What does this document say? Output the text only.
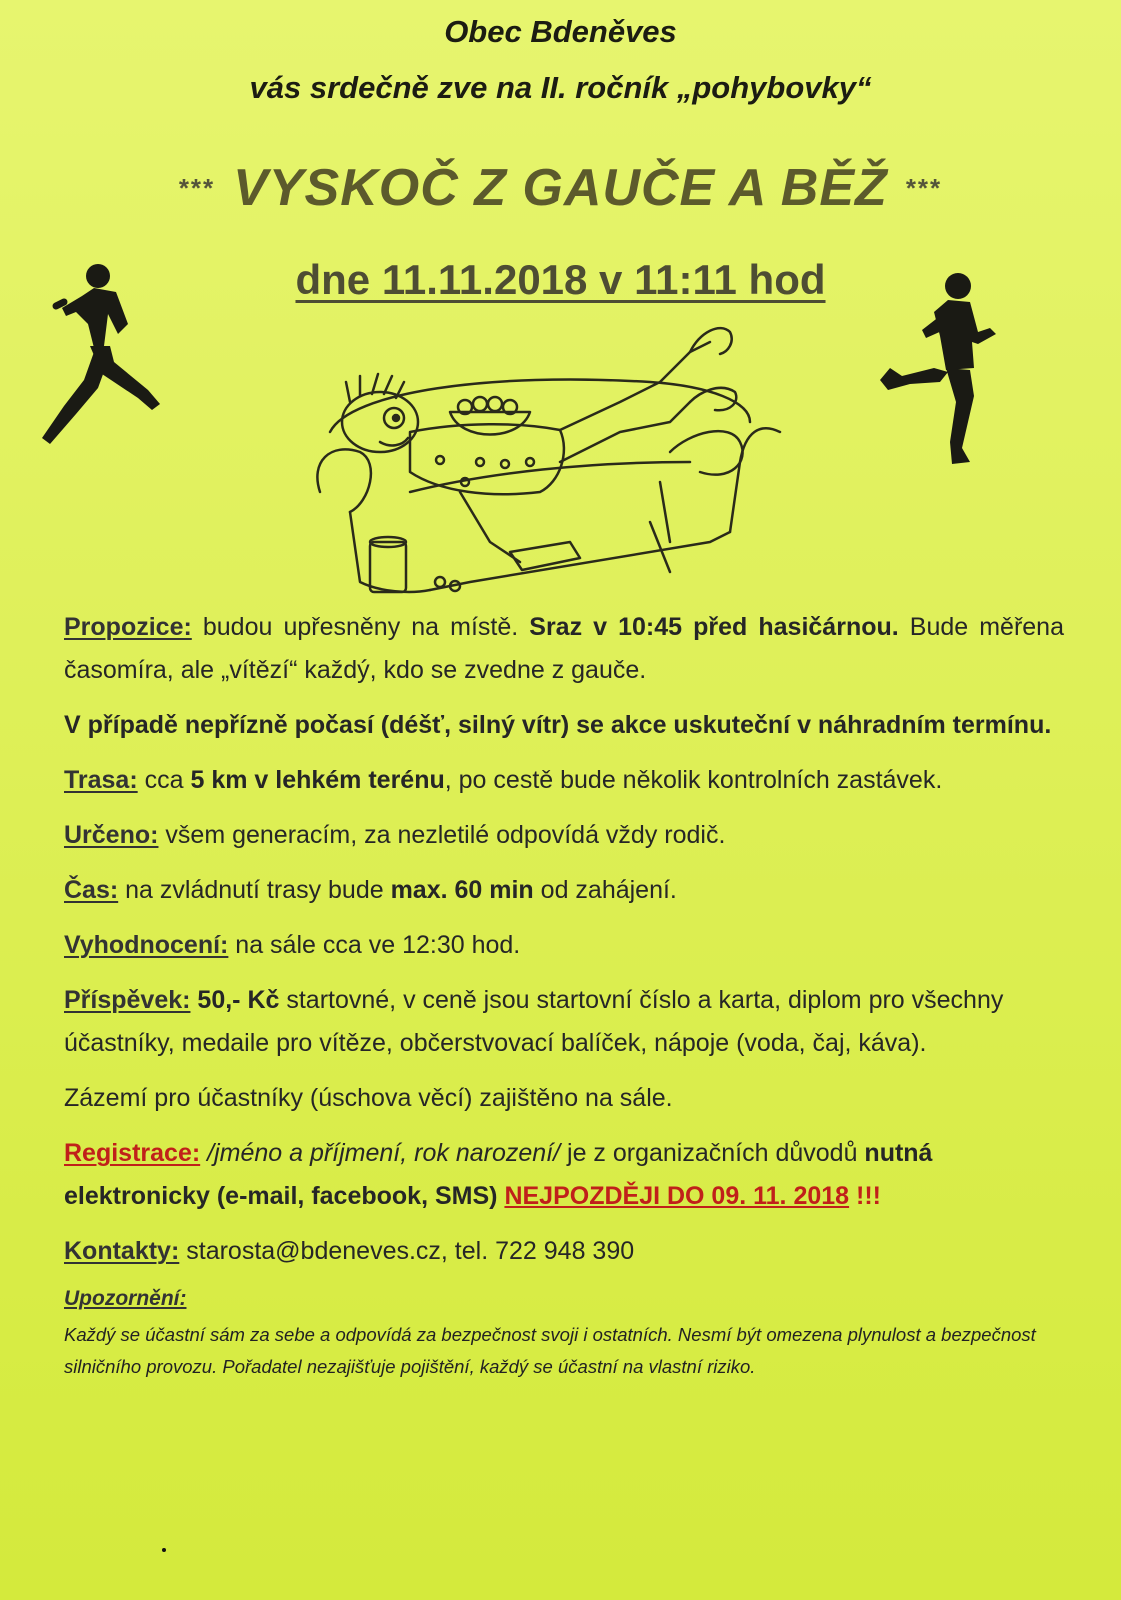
Obec Bdeněves
vás srdečně zve na II. ročník „pohybovky“
*** VYSKOČ Z GAUČE A BĚŽ ***
dne 11.11.2018 v 11:11 hod

Propozice: budou upřesněny na místě. Sraz v 10:45 před hasičárnou. Bude měřena časomíra, ale „vítězí“ každý, kdo se zvedne z gauče.

V případě nepřízně počasí (déšť, silný vítr) se akce uskuteční v náhradním termínu.

Trasa: cca 5 km v lehkém terénu, po cestě bude několik kontrolních zastávek.

Určeno: všem generacím, za nezletilé odpovídá vždy rodič.

Čas: na zvládnutí trasy bude max. 60 min od zahájení.

Vyhodnocení: na sále cca ve 12:30 hod.

Příspěvek: 50,- Kč startovné, v ceně jsou startovní číslo a karta, diplom pro všechny účastníky, medaile pro vítěze, občerstvovací balíček, nápoje (voda, čaj, káva).

Zázemí pro účastníky (úschova věcí) zajištěno na sále.

Registrace: /jméno a příjmení, rok narození/ je z organizačních důvodů nutná elektronicky (e-mail, facebook, SMS) NEJPOZDĚJI DO 09. 11. 2018 !!!

Kontakty: starosta@bdeneves.cz, tel. 722 948 390

Upozornění:

Každý se účastní sám za sebe a odpovídá za bezpečnost svoji i ostatních. Nesmí být omezena plynulost a bezpečnost silničního provozu. Pořadatel nezajišťuje pojištění, každý se účastní na vlastní riziko.
